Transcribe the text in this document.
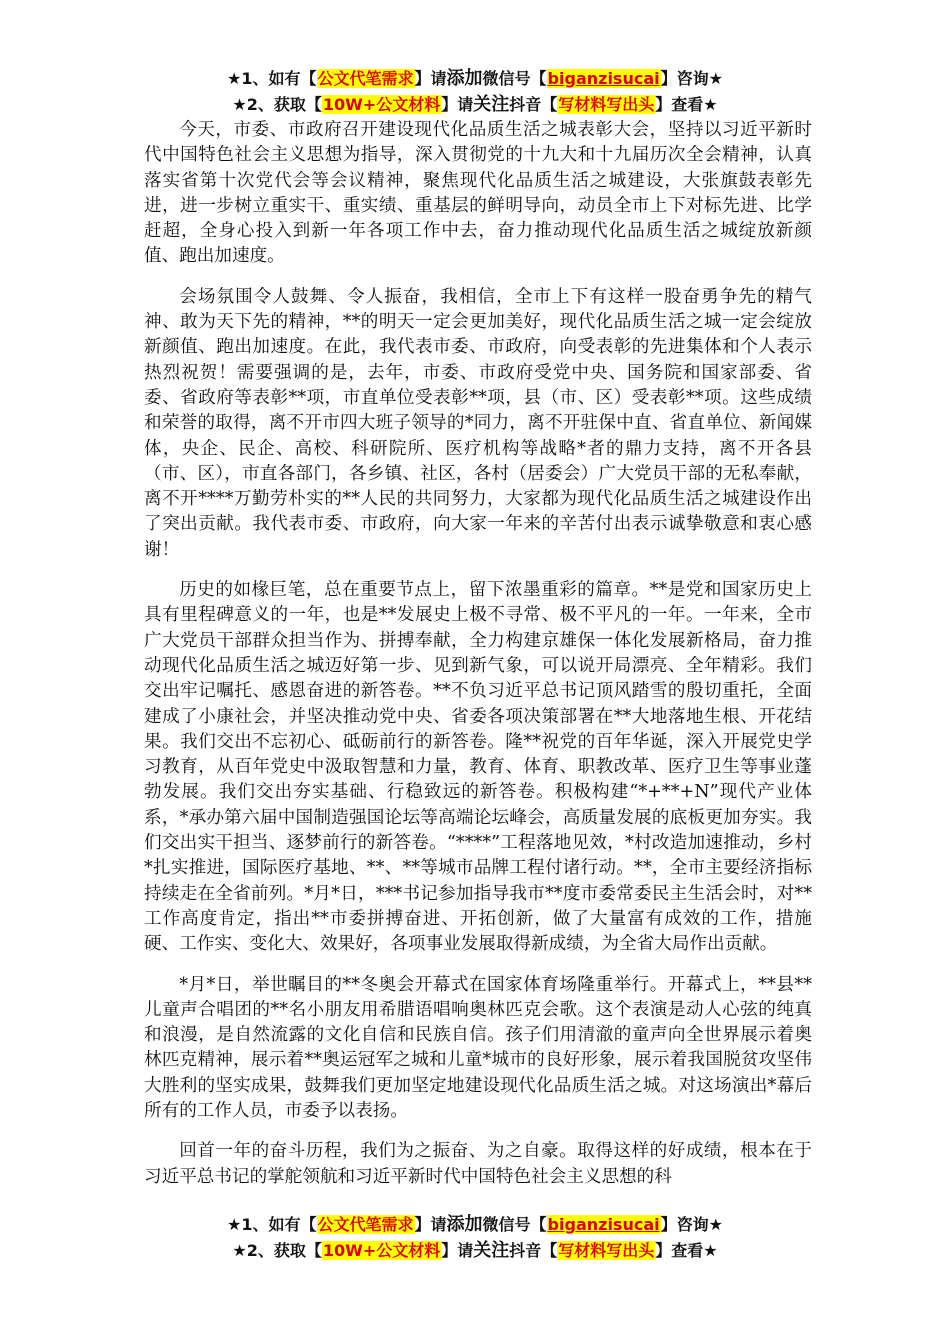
★1、如有【公文代笔需求】请添加微信号【biganzisucai】咨询★
★2、获取【10W+公文材料】请关注抖音【写材料写出头】查看★

今天，市委、市政府召开建设现代化品质生活之城表彰大会，坚持以习近平新时代中国特色社会主义思想为指导，深入贯彻党的十九大和十九届历次全会精神，认真落实省第十次党代会等会议精神，聚焦现代化品质生活之城建设，大张旗鼓表彰先进，进一步树立重实干、重实绩、重基层的鲜明导向，动员全市上下对标先进、比学赶超，全身心投入到新一年各项工作中去，奋力推动现代化品质生活之城绽放新颜值、跑出加速度。

会场氛围令人鼓舞、令人振奋，我相信，全市上下有这样一股奋勇争先的精气神、敢为天下先的精神，**的明天一定会更加美好，现代化品质生活之城一定会绽放新颜值、跑出加速度。在此，我代表市委、市政府，向受表彰的先进集体和个人表示热烈祝贺！需要强调的是，去年，市委、市政府受党中央、国务院和国家部委、省委、省政府等表彰**项，市直单位受表彰**项，县（市、区）受表彰**项。这些成绩和荣誉的取得，离不开市四大班子领导的*同力，离不开驻保中直、省直单位、新闻媒体，央企、民企、高校、科研院所、医疗机构等战略*者的鼎力支持，离不开各县（市、区），市直各部门，各乡镇、社区，各村（居委会）广大党员干部的无私奉献，离不开****万勤劳朴实的**人民的共同努力，大家都为现代化品质生活之城建设作出了突出贡献。我代表市委、市政府，向大家一年来的辛苦付出表示诚挚敬意和衷心感谢！

历史的如椽巨笔，总在重要节点上，留下浓墨重彩的篇章。**是党和国家历史上具有里程碑意义的一年，也是**发展史上极不寻常、极不平凡的一年。一年来，全市广大党员干部群众担当作为、拼搏奉献，全力构建京雄保一体化发展新格局，奋力推动现代化品质生活之城迈好第一步、见到新气象，可以说开局漂亮、全年精彩。我们交出牢记嘱托、感恩奋进的新答卷。**不负习近平总书记顶风踏雪的殷切重托，全面建成了小康社会，并坚决推动党中央、省委各项决策部署在**大地落地生根、开花结果。我们交出不忘初心、砥砺前行的新答卷。隆**祝党的百年华诞，深入开展党史学习教育，从百年党史中汲取智慧和力量，教育、体育、职教改革、医疗卫生等事业蓬勃发展。我们交出夯实基础、行稳致远的新答卷。积极构建“*+**+N”现代产业体系，*承办第六届中国制造强国论坛等高端论坛峰会，高质量发展的底板更加夯实。我们交出实干担当、逐梦前行的新答卷。“****”工程落地见效，*村改造加速推动，乡村*扎实推进，国际医疗基地、**、**等城市品牌工程付诸行动。**，全市主要经济指标持续走在全省前列。*月*日，***书记参加指导我市**度市委常委民主生活会时，对**工作高度肯定，指出**市委拼搏奋进、开拓创新，做了大量富有成效的工作，措施硬、工作实、变化大、效果好，各项事业发展取得新成绩，为全省大局作出贡献。

*月*日，举世瞩目的**冬奥会开幕式在国家体育场隆重举行。开幕式上，**县**儿童声合唱团的**名小朋友用希腊语唱响奥林匹克会歌。这个表演是动人心弦的纯真和浪漫，是自然流露的文化自信和民族自信。孩子们用清澈的童声向全世界展示着奥林匹克精神，展示着**奥运冠军之城和儿童*城市的良好形象，展示着我国脱贫攻坚伟大胜利的坚实成果，鼓舞我们更加坚定地建设现代化品质生活之城。对这场演出*幕后所有的工作人员，市委予以表扬。

回首一年的奋斗历程，我们为之振奋、为之自豪。取得这样的好成绩，根本在于习近平总书记的掌舵领航和习近平新时代中国特色社会主义思想的科

★1、如有【公文代笔需求】请添加微信号【biganzisucai】咨询★
★2、获取【10W+公文材料】请关注抖音【写材料写出头】查看★
